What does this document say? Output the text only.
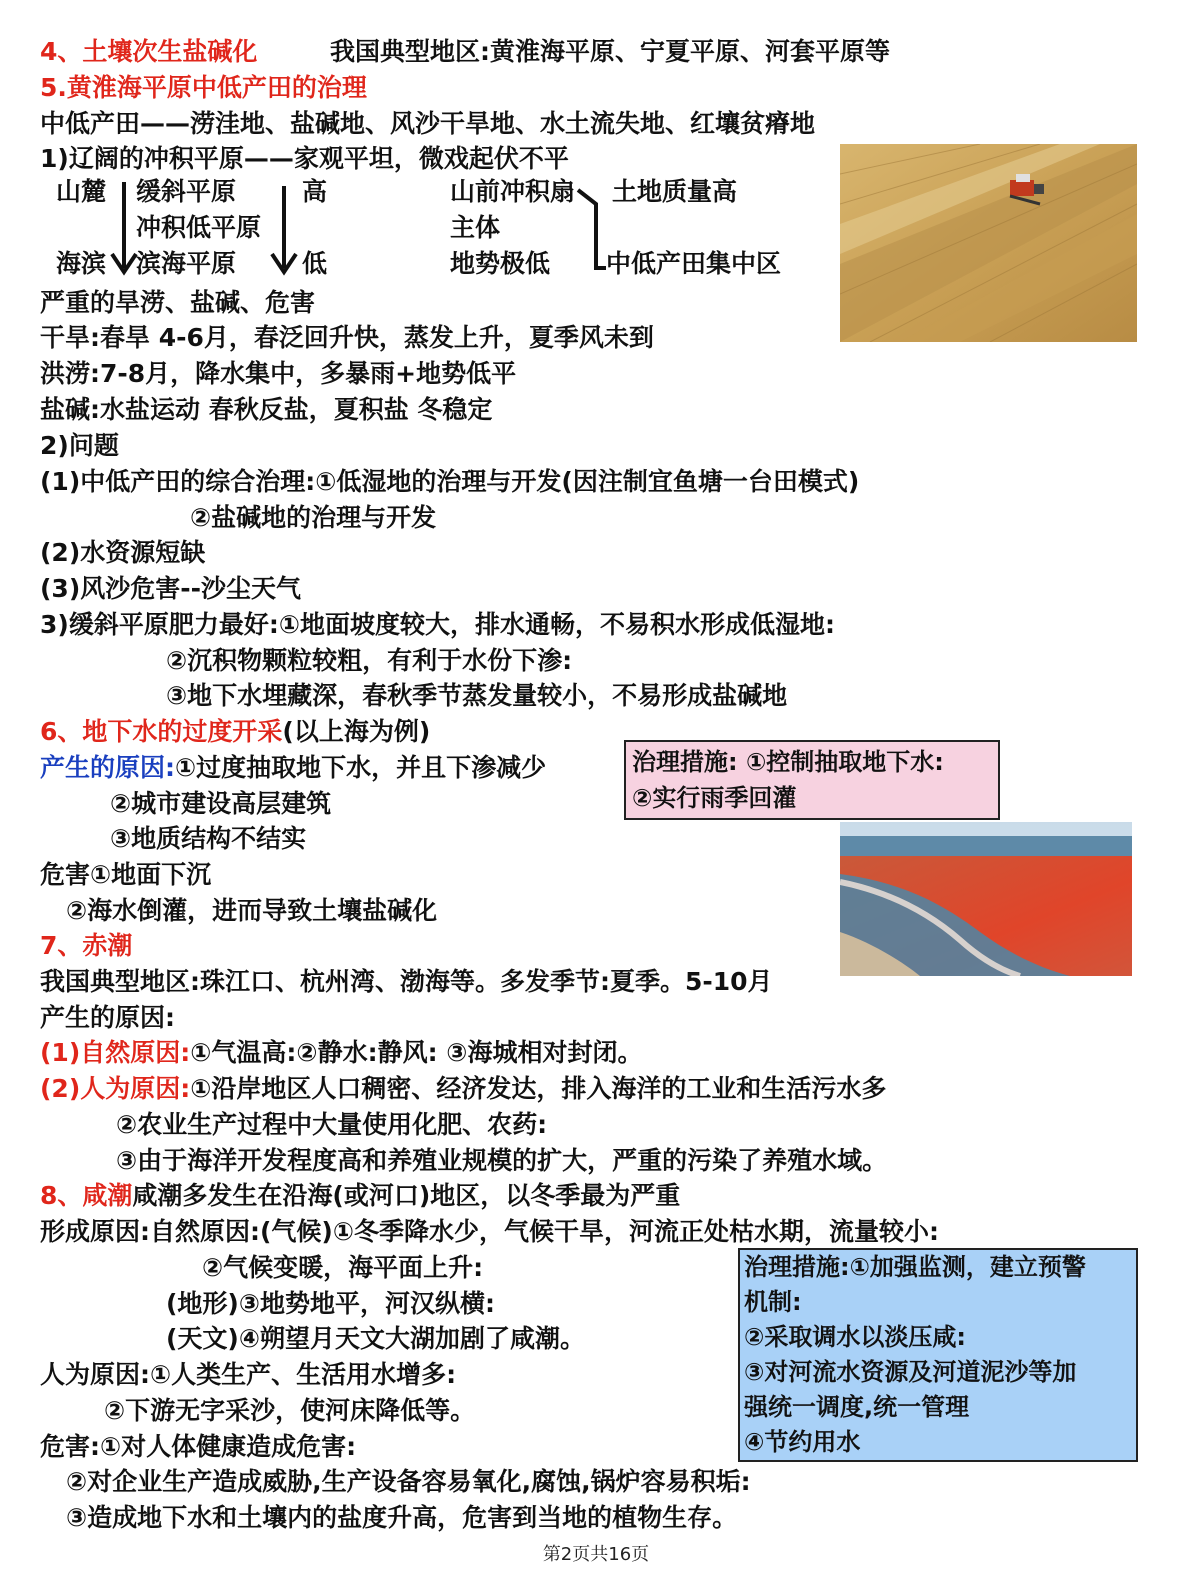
4、土壤次生盐碱化	我国典型地区:黄淮海平原、宁夏平原、河套平原等
5.黄淮海平原中低产田的治理
中低产田——涝洼地、盐碱地、风沙干旱地、水土流失地、红壤贫瘠地
1)辽阔的冲积平原——家观平坦，微戏起伏不平
山麓 缓斜平原	高
冲积低平原
海滨 滨海平原	低
山前冲积扇
主体
地势极低
土地质量高
中低产田集中区
严重的旱涝、盐碱、危害
干旱:春旱 4-6月，春泛回升快，蒸发上升，夏季风未到
洪涝:7-8月，降水集中，多暴雨+地势低平
盐碱:水盐运动 春秋反盐，夏积盐 冬稳定
2)问题
(1)中低产田的综合治理:①低湿地的治理与开发(因注制宜鱼塘一台田模式)
②盐碱地的治理与开发
(2)水资源短缺
(3)风沙危害--沙尘天气
3)缓斜平原肥力最好:①地面坡度较大，排水通畅，不易积水形成低湿地:
②沉积物颗粒较粗，有利于水份下渗:
③地下水埋藏深，春秋季节蒸发量较小，不易形成盐碱地
6、地下水的过度开采(以上海为例)
产生的原因:①过度抽取地下水，并且下渗减少
②城市建设高层建筑
③地质结构不结实
危害①地面下沉
②海水倒灌，进而导致土壤盐碱化
治理措施: ①控制抽取地下水:
②实行雨季回灌
7、赤潮
我国典型地区:珠江口、杭州湾、渤海等。多发季节:夏季。5-10月
产生的原因:
(1)自然原因:①气温高:②静水:静风: ③海城相对封闭。
(2)人为原因:①沿岸地区人口稠密、经济发达，排入海洋的工业和生活污水多
②农业生产过程中大量使用化肥、农药:
③由于海洋开发程度高和养殖业规模的扩大，严重的污染了养殖水域。
8、咸潮咸潮多发生在沿海(或河口)地区，以冬季最为严重
形成原因:自然原因:(气候)①冬季降水少，气候干旱，河流正处枯水期，流量较小:
②气候变暖，海平面上升:
(地形)③地势地平，河汉纵横:
(天文)④朔望月天文大湖加剧了咸潮。
人为原因:①人类生产、生活用水增多:
②下游无字采沙，使河床降低等。
危害:①对人体健康造成危害:
②对企业生产造成威胁,生产设备容易氧化,腐蚀,锅炉容易积垢:
③造成地下水和土壤内的盐度升高，危害到当地的植物生存。
治理措施:①加强监测，建立预警
机制:
②采取调水以淡压咸:
③对河流水资源及河道泥沙等加
强统一调度,统一管理
④节约用水
第2页共16页
